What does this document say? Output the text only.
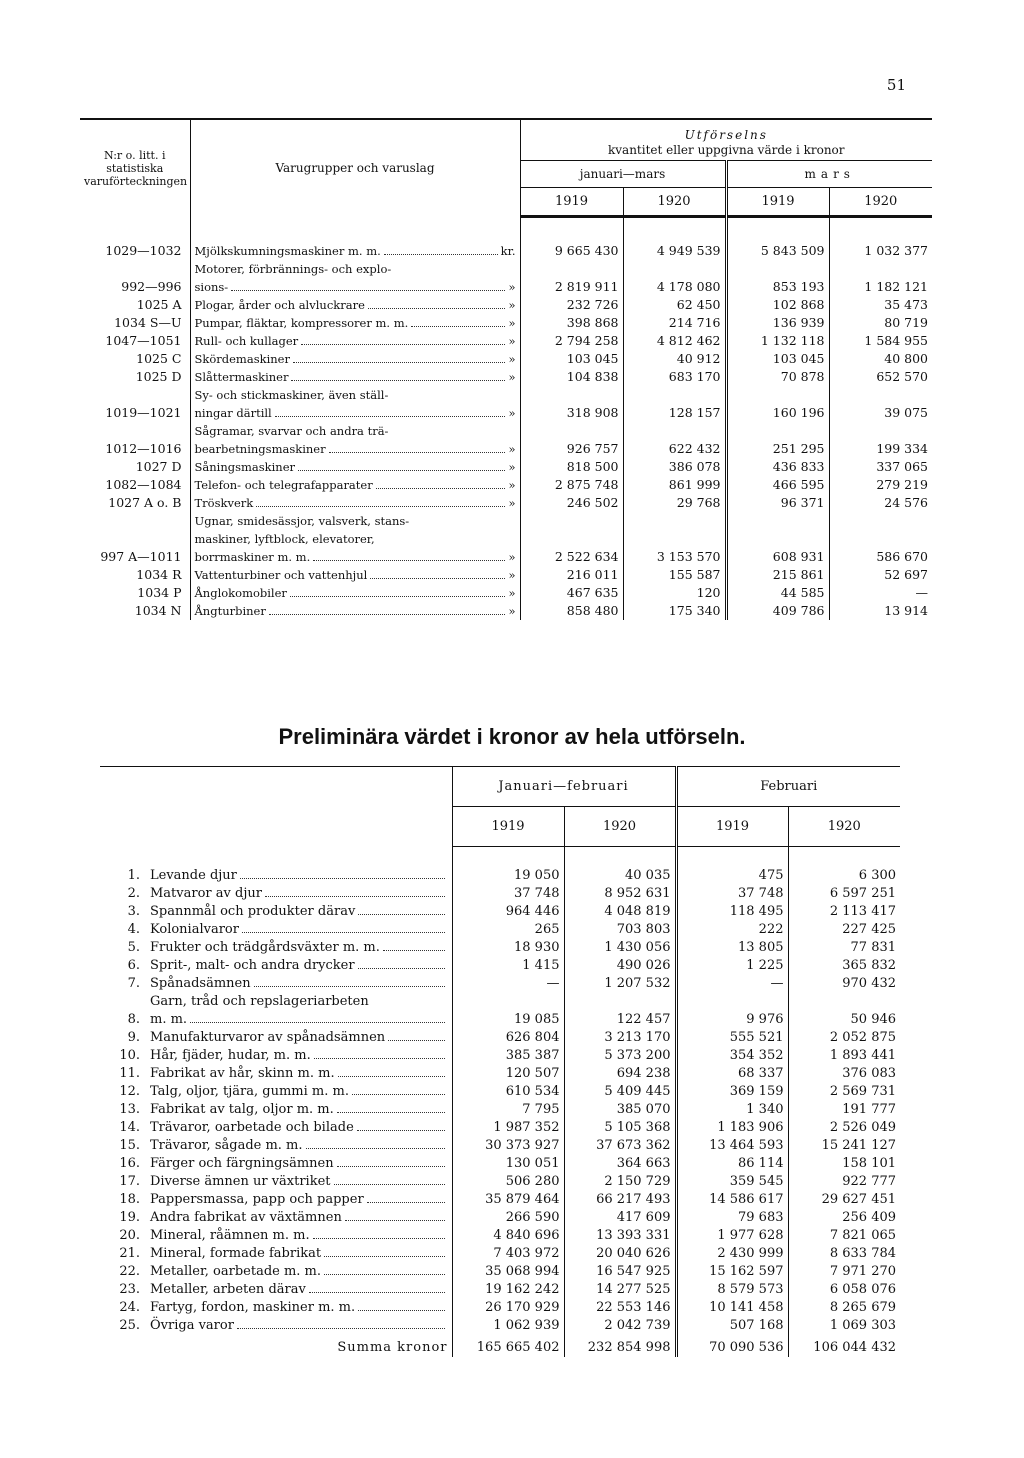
51
N:r o. litt. i statistiska varuförteckningen	Varugrupper och varuslag	Utförselns
kvantitet eller uppgivna värde i kronor			
		januari—mars		mars	
		1919	1920	1919	1920
1029—1032	Mjölkskumningsmaskiner m. m. kr.	9 665 430	4 949 539	5 843 509	1 032 377
992—996	Motorer, förbrännings- och explo-
sions- »	2 819 911	4 178 080	853 193	1 182 121
1025 A	Plogar, årder och alvluckrare »	232 726	62 450	102 868	35 473
1034 S—U	Pumpar, fläktar, kompressorer m. m. »	398 868	214 716	136 939	80 719
1047—1051	Rull- och kullager »	2 794 258	4 812 462	1 132 118	1 584 955
1025 C	Skördemaskiner »	103 045	40 912	103 045	40 800
1025 D	Slåttermaskiner »	104 838	683 170	70 878	652 570
1019—1021	Sy- och stickmaskiner, även ställ-
ningar därtill »	318 908	128 157	160 196	39 075
1012—1016	Sågramar, svarvar och andra trä-
bearbetningsmaskiner »	926 757	622 432	251 295	199 334
1027 D	Såningsmaskiner »	818 500	386 078	436 833	337 065
1082—1084	Telefon- och telegrafapparater »	2 875 748	861 999	466 595	279 219
1027 A o. B	Tröskverk »	246 502	29 768	96 371	24 576
997 A—1011	Ugnar, smidesässjor, valsverk, stans-
maskiner, lyftblock, elevatorer,
borrmaskiner m. m. »	2 522 634	3 153 570	608 931	586 670
1034 R	Vattenturbiner och vattenhjul »	216 011	155 587	215 861	52 697
1034 P	Ånglokomobiler »	467 635	120	44 585	—
1034 N	Ångturbiner »	858 480	175 340	409 786	13 914
Preliminära värdet i kronor av hela utförseln.
		Januari—februari		Februari	
		1919	1920	1919	1920
1.	Levande djur	19 050	40 035	475	6 300
2.	Matvaror av djur	37 748	8 952 631	37 748	6 597 251
3.	Spannmål och produkter därav	964 446	4 048 819	118 495	2 113 417
4.	Kolonialvaror	265	703 803	222	227 425
5.	Frukter och trädgårdsväxter m. m.	18 930	1 430 056	13 805	77 831
6.	Sprit-, malt- och andra drycker	1 415	490 026	1 225	365 832
7.	Spånadsämnen	—	1 207 532	—	970 432
8.	Garn, tråd och repslageriarbeten
m. m.	19 085	122 457	9 976	50 946
9.	Manufakturvaror av spånadsämnen	626 804	3 213 170	555 521	2 052 875
10.	Hår, fjäder, hudar, m. m.	385 387	5 373 200	354 352	1 893 441
11.	Fabrikat av hår, skinn m. m.	120 507	694 238	68 337	376 083
12.	Talg, oljor, tjära, gummi m. m.	610 534	5 409 445	369 159	2 569 731
13.	Fabrikat av talg, oljor m. m.	7 795	385 070	1 340	191 777
14.	Trävaror, oarbetade och bilade	1 987 352	5 105 368	1 183 906	2 526 049
15.	Trävaror, sågade m. m.	30 373 927	37 673 362	13 464 593	15 241 127
16.	Färger och färgningsämnen	130 051	364 663	86 114	158 101
17.	Diverse ämnen ur växtriket	506 280	2 150 729	359 545	922 777
18.	Pappersmassa, papp och papper	35 879 464	66 217 493	14 586 617	29 627 451
19.	Andra fabrikat av växtämnen	266 590	417 609	79 683	256 409
20.	Mineral, råämnen m. m.	4 840 696	13 393 331	1 977 628	7 821 065
21.	Mineral, formade fabrikat	7 403 972	20 040 626	2 430 999	8 633 784
22.	Metaller, oarbetade m. m.	35 068 994	16 547 925	15 162 597	7 971 270
23.	Metaller, arbeten därav	19 162 242	14 277 525	8 579 573	6 058 076
24.	Fartyg, fordon, maskiner m. m.	26 170 929	22 553 146	10 141 458	8 265 679
25.	Övriga varor	1 062 939	2 042 739	507 168	1 069 303
Summa kronor		165 665 402	232 854 998	70 090 536	106 044 432
